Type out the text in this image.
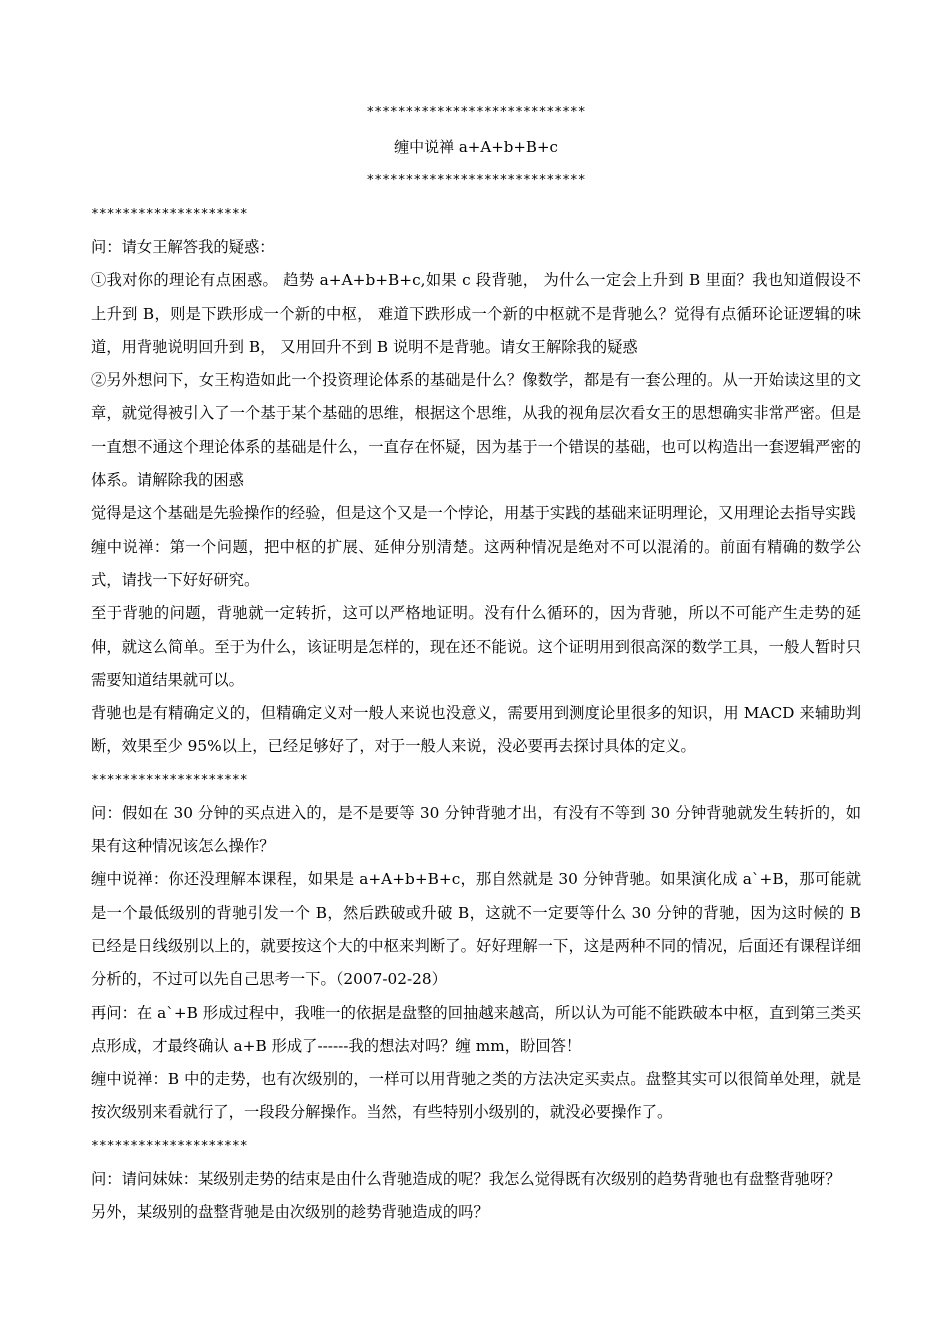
****************************
缠中说禅 a+A+b+B+c
****************************
********************

问：请女王解答我的疑惑：

①我对你的理论有点困惑。 趋势 a+A+b+B+c,如果 c 段背驰， 为什么一定会上升到 B 里面？我也知道假设不上升到 B，则是下跌形成一个新的中枢， 难道下跌形成一个新的中枢就不是背驰么？觉得有点循环论证逻辑的味道，用背驰说明回升到 B， 又用回升不到 B 说明不是背驰。请女王解除我的疑惑

②另外想问下，女王构造如此一个投资理论体系的基础是什么？像数学，都是有一套公理的。从一开始读这里的文章，就觉得被引入了一个基于某个基础的思维，根据这个思维，从我的视角层次看女王的思想确实非常严密。但是一直想不通这个理论体系的基础是什么，一直存在怀疑，因为基于一个错误的基础，也可以构造出一套逻辑严密的体系。请解除我的困惑

觉得是这个基础是先验操作的经验，但是这个又是一个悖论，用基于实践的基础来证明理论，又用理论去指导实践

缠中说禅：第一个问题，把中枢的扩展、延伸分别清楚。这两种情况是绝对不可以混淆的。前面有精确的数学公式，请找一下好好研究。

至于背驰的问题，背驰就一定转折，这可以严格地证明。没有什么循环的，因为背驰，所以不可能产生走势的延伸，就这么简单。至于为什么，该证明是怎样的，现在还不能说。这个证明用到很高深的数学工具，一般人暂时只需要知道结果就可以。

背驰也是有精确定义的，但精确定义对一般人来说也没意义，需要用到测度论里很多的知识，用 MACD 来辅助判断，效果至少 95%以上，已经足够好了，对于一般人来说，没必要再去探讨具体的定义。

********************

问：假如在 30 分钟的买点进入的，是不是要等 30 分钟背驰才出，有没有不等到 30 分钟背驰就发生转折的，如果有这种情况该怎么操作？

缠中说禅：你还没理解本课程，如果是 a+A+b+B+c，那自然就是 30 分钟背驰。如果演化成 a`+B，那可能就是一个最低级别的背驰引发一个 B，然后跌破或升破 B，这就不一定要等什么 30 分钟的背驰，因为这时候的 B 已经是日线级别以上的，就要按这个大的中枢来判断了。好好理解一下，这是两种不同的情况，后面还有课程详细分析的，不过可以先自己思考一下。（2007-02-28）

再问：在 a`+B 形成过程中，我唯一的依据是盘整的回抽越来越高，所以认为可能不能跌破本中枢，直到第三类买点形成，才最终确认 a+B 形成了------我的想法对吗？缠 mm，盼回答！

缠中说禅：B 中的走势，也有次级别的，一样可以用背驰之类的方法决定买卖点。盘整其实可以很简单处理，就是按次级别来看就行了，一段段分解操作。当然，有些特别小级别的，就没必要操作了。

********************

问：请问妹妹：某级别走势的结束是由什么背驰造成的呢？我怎么觉得既有次级别的趋势背驰也有盘整背驰呀？

另外，某级别的盘整背驰是由次级别的趁势背驰造成的吗？
